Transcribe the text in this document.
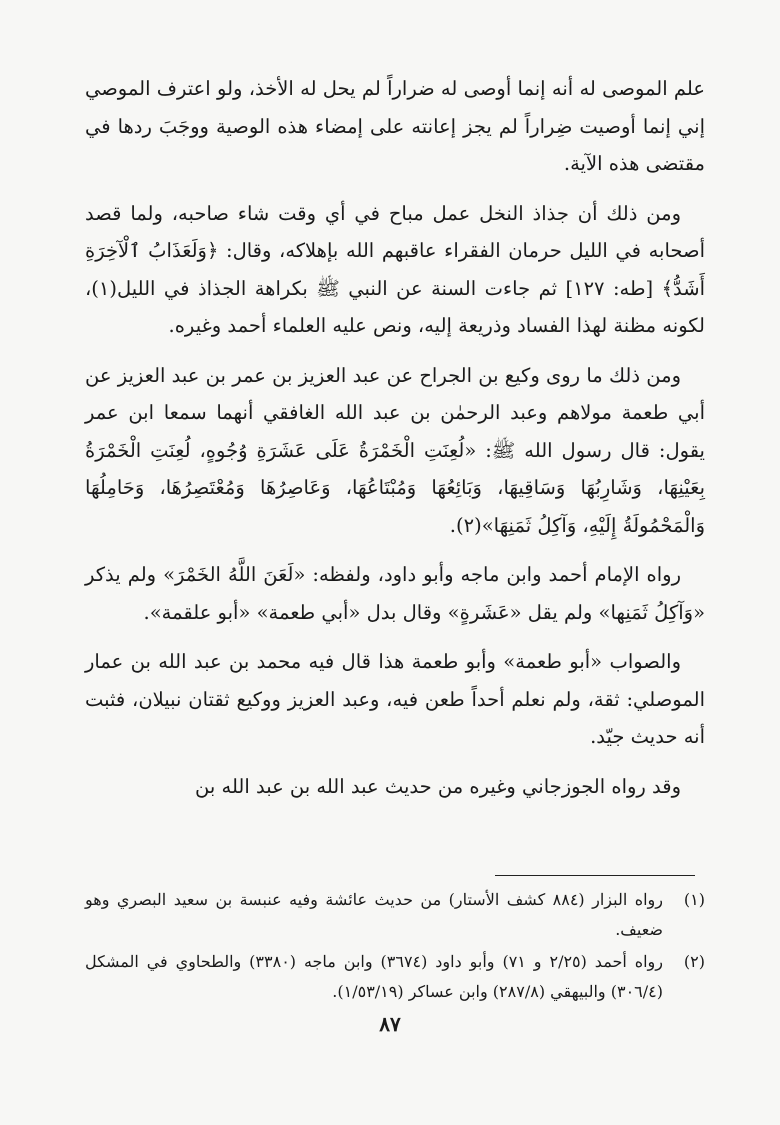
علم الموصى له أنه إنما أوصى له ضراراً لم يحل له الأخذ، ولو اعترف الموصي إني إنما أوصيت ضِراراً لم يجز إعانته على إمضاء هذه الوصية ووجَبَ ردها في مقتضى هذه الآية.

ومن ذلك أن جذاذ النخل عمل مباح في أي وقت شاء صاحبه، ولما قصد أصحابه في الليل حرمان الفقراء عاقبهم الله بإهلاكه، وقال: ﴿وَلَعَذَابُ ٱلْآخِرَةِ أَشَدُّ﴾ [طه: ١٢٧] ثم جاءت السنة عن النبي ﷺ بكراهة الجذاذ في الليل(١)، لكونه مظنة لهذا الفساد وذريعة إليه، ونص عليه العلماء أحمد وغيره.

ومن ذلك ما روى وكيع بن الجراح عن عبد العزيز بن عمر بن عبد العزيز عن أبي طعمة مولاهم وعبد الرحمٰن بن عبد الله الغافقي أنهما سمعا ابن عمر يقول: قال رسول الله ﷺ: «لُعِنَتِ الْخَمْرَةُ عَلَى عَشَرَةِ وُجُوهٍ، لُعِنَتِ الْخَمْرَةُ بِعَيْنِهَا، وَشَارِبُهَا وَسَاقِيهَا، وَبَائِعُهَا وَمُبْتَاعُهَا، وَعَاصِرُهَا وَمُعْتَصِرُهَا، وَحَامِلُهَا وَالْمَحْمُولَةُ إِلَيْهِ، وَآكِلُ ثَمَنِهَا»(٢).

رواه الإمام أحمد وابن ماجه وأبو داود، ولفظه: «لَعَنَ اللَّهُ الخَمْرَ» ولم يذكر «وَآكِلُ ثَمَنِها» ولم يقل «عَشَرةٍ» وقال بدل «أبي طعمة» «أبو علقمة».

والصواب «أبو طعمة» وأبو طعمة هذا قال فيه محمد بن عبد الله بن عمار الموصلي: ثقة، ولم نعلم أحداً طعن فيه، وعبد العزيز ووكيع ثقتان نبيلان، فثبت أنه حديث جيّد.

وقد رواه الجوزجاني وغيره من حديث عبد الله بن عبد الله بن

(١)
رواه البزار (٨٨٤ كشف الأستار) من حديث عائشة وفيه عنبسة بن سعيد البصري وهو ضعيف.
(٢)
رواه أحمد (٢/٢٥ و ٧١) وأبو داود (٣٦٧٤) وابن ماجه (٣٣٨٠) والطحاوي في المشكل (٣٠٦/٤) والبيهقي (٢٨٧/٨) وابن عساكر (١/٥٣/١٩).
٨٧
